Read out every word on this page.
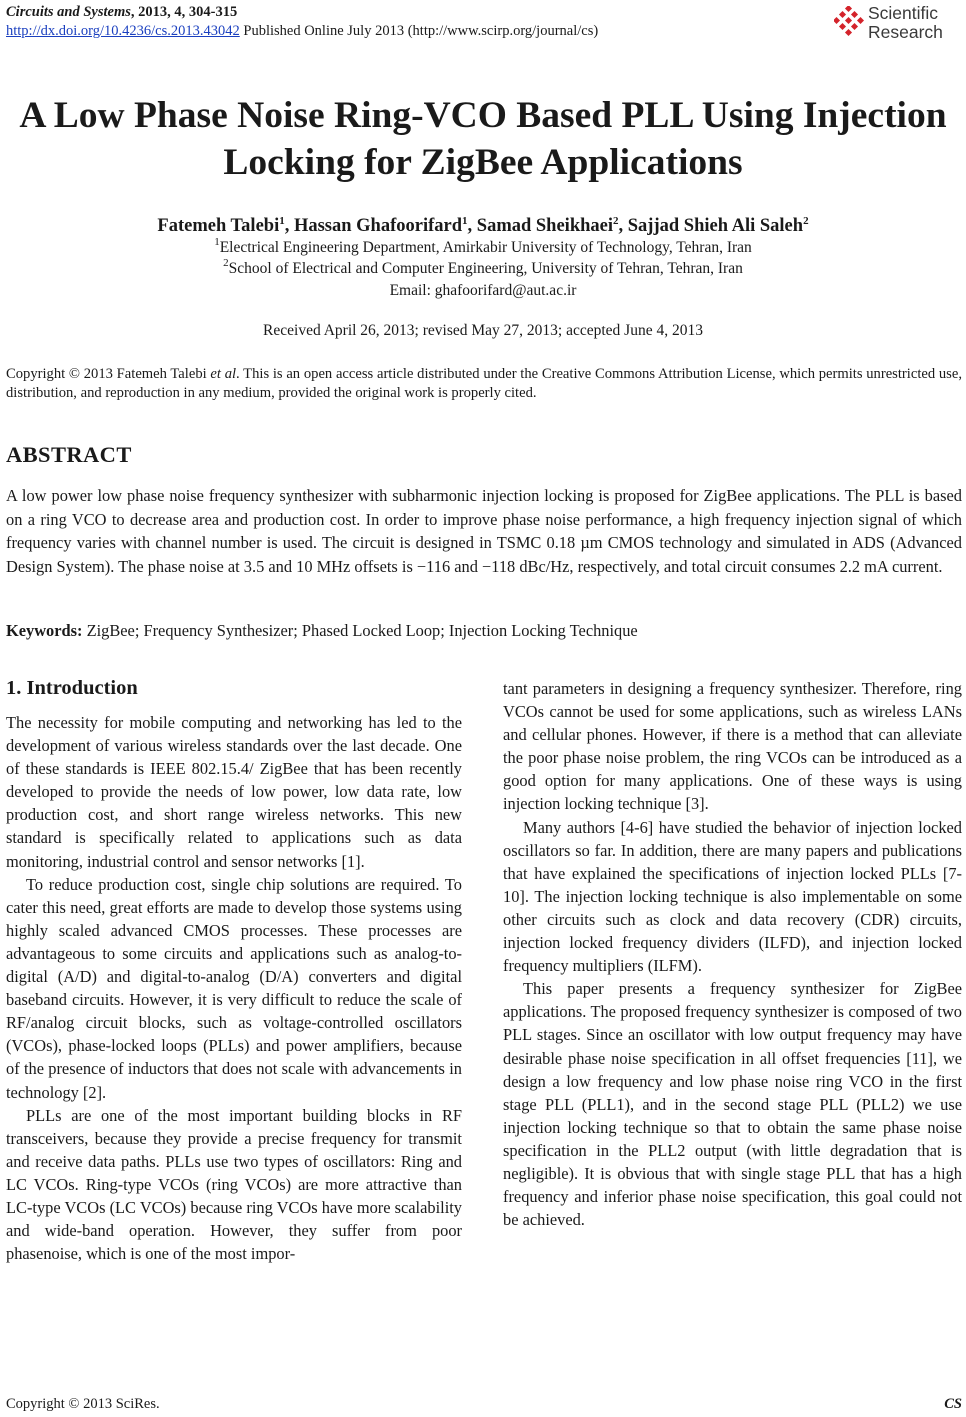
Circuits and Systems, 2013, 4, 304-315
http://dx.doi.org/10.4236/cs.2013.43042 Published Online July 2013 (http://www.scirp.org/journal/cs)
Scientific
Research
A Low Phase Noise Ring-VCO Based PLL Using Injection
Locking for ZigBee Applications
Fatemeh Talebi$^1$, Hassan Ghafoorifard$^1$, Samad Sheikhaei$^2$, Sajjad Shieh Ali Saleh$^2$
$^1$Electrical Engineering Department, Amirkabir University of Technology, Tehran, Iran
$^2$School of Electrical and Computer Engineering, University of Tehran, Tehran, Iran
Email: ghafoorifard@aut.ac.ir
Received April 26, 2013; revised May 27, 2013; accepted June 4, 2013
Copyright © 2013 Fatemeh Talebi et al. This is an open access article distributed under the Creative Commons Attribution License, which permits unrestricted use, distribution, and reproduction in any medium, provided the original work is properly cited.
ABSTRACT
A low power low phase noise frequency synthesizer with subharmonic injection locking is proposed for ZigBee applications. The PLL is based on a ring VCO to decrease area and production cost. In order to improve phase noise performance, a high frequency injection signal of which frequency varies with channel number is used. The circuit is designed in TSMC 0.18 µm CMOS technology and simulated in ADS (Advanced Design System). The phase noise at 3.5 and 10 MHz offsets is −116 and −118 dBc/Hz, respectively, and total circuit consumes 2.2 mA current.
Keywords: ZigBee; Frequency Synthesizer; Phased Locked Loop; Injection Locking Technique
1. Introduction

The necessity for mobile computing and networking has led to the development of various wireless standards over the last decade. One of these standards is IEEE 802.15.4/ ZigBee that has been recently developed to provide the needs of low power, low data rate, low production cost, and short range wireless networks. This new standard is specifically related to applications such as data monitoring, industrial control and sensor networks [1].

To reduce production cost, single chip solutions are required. To cater this need, great efforts are made to develop those systems using highly scaled advanced CMOS processes. These processes are advantageous to some circuits and applications such as analog-to-digital (A/D) and digital-to-analog (D/A) converters and digital baseband circuits. However, it is very difficult to reduce the scale of RF/analog circuit blocks, such as voltage-controlled oscillators (VCOs), phase-locked loops (PLLs) and power amplifiers, because of the presence of inductors that does not scale with advancements in technology [2].

PLLs are one of the most important building blocks in RF transceivers, because they provide a precise frequency for transmit and receive data paths. PLLs use two types of oscillators: Ring and LC VCOs. Ring-type VCOs (ring VCOs) are more attractive than LC-type VCOs (LC VCOs) because ring VCOs have more scalability and wide-band operation. However, they suffer from poor phasenoise, which is one of the most impor-

tant parameters in designing a frequency synthesizer. Therefore, ring VCOs cannot be used for some applications, such as wireless LANs and cellular phones. However, if there is a method that can alleviate the poor phase noise problem, the ring VCOs can be introduced as a good option for many applications. One of these ways is using injection locking technique [3].

Many authors [4-6] have studied the behavior of injection locked oscillators so far. In addition, there are many papers and publications that have explained the specifications of injection locked PLLs [7-10]. The injection locking technique is also implementable on some other circuits such as clock and data recovery (CDR) circuits, injection locked frequency dividers (ILFD), and injection locked frequency multipliers (ILFM).

This paper presents a frequency synthesizer for ZigBee applications. The proposed frequency synthesizer is composed of two PLL stages. Since an oscillator with low output frequency may have desirable phase noise specification in all offset frequencies [11], we design a low frequency and low phase noise ring VCO in the first stage PLL (PLL1), and in the second stage PLL (PLL2) we use injection locking technique so that to obtain the same phase noise specification in the PLL2 output (with little degradation that is negligible). It is obvious that with single stage PLL that has a high frequency and inferior phase noise specification, this goal could not be achieved.

Copyright © 2013 SciRes.	CS
